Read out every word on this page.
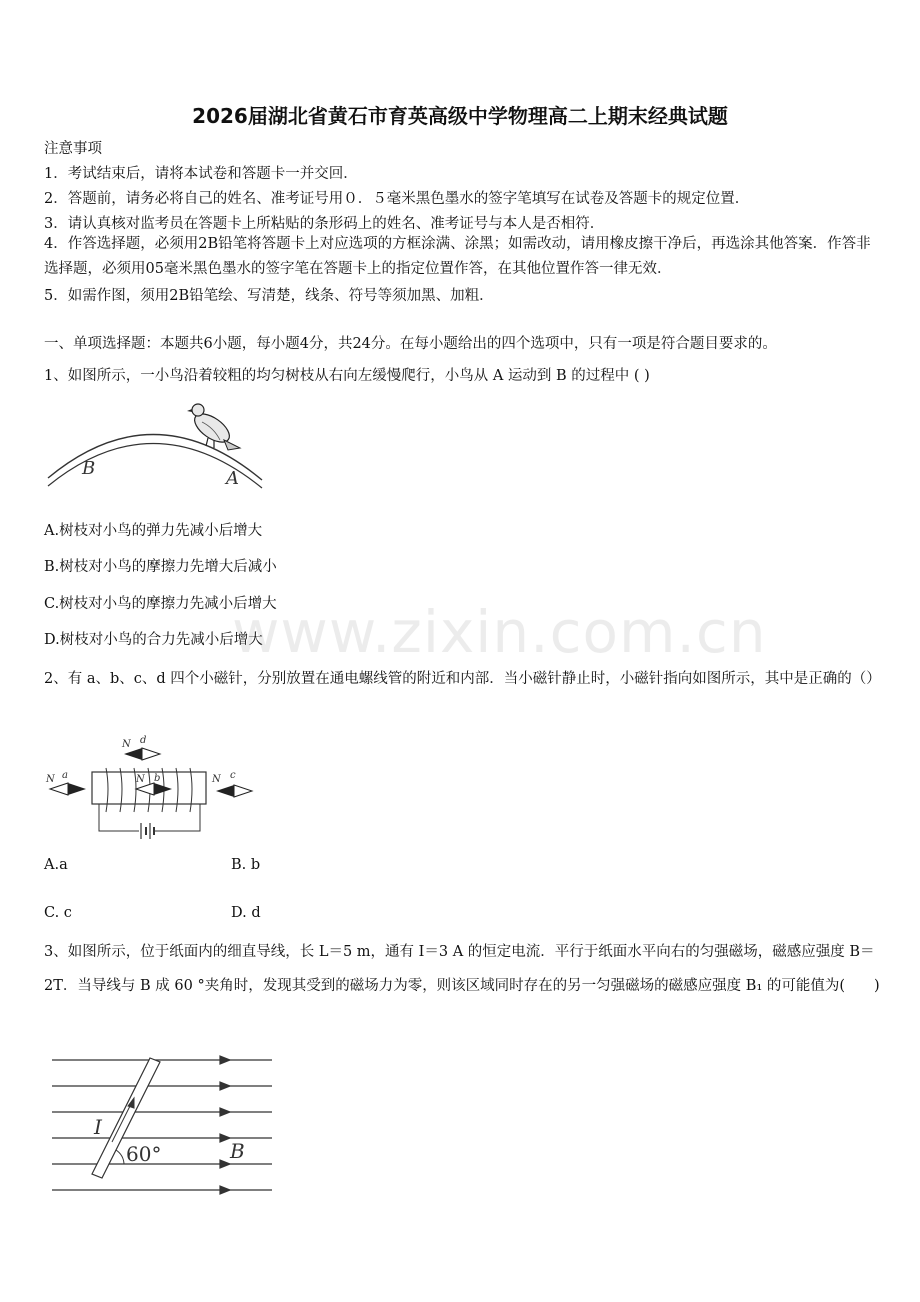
2026届湖北省黄石市育英高级中学物理高二上期末经典试题
注意事项
1．考试结束后，请将本试卷和答题卡一并交回．
2．答题前，请务必将自己的姓名、准考证号用０．５毫米黑色墨水的签字笔填写在试卷及答题卡的规定位置．
3．请认真核对监考员在答题卡上所粘贴的条形码上的姓名、准考证号与本人是否相符．
4．作答选择题，必须用2B铅笔将答题卡上对应选项的方框涂满、涂黑；如需改动，请用橡皮擦干净后，再选涂其他答案．作答非选择题，必须用05毫米黑色墨水的签字笔在答题卡上的指定位置作答，在其他位置作答一律无效．
5．如需作图，须用2B铅笔绘、写清楚，线条、符号等须加黑、加粗．
一、单项选择题：本题共6小题，每小题4分，共24分。在每小题给出的四个选项中，只有一项是符合题目要求的。
1、如图所示，一小鸟沿着较粗的均匀树枝从右向左缓慢爬行，小鸟从 A 运动到 B 的过程中 ( )
B	A
A.树枝对小鸟的弹力先减小后增大
B.树枝对小鸟的摩擦力先增大后减小
C.树枝对小鸟的摩擦力先减小后增大
D.树枝对小鸟的合力先减小后增大
www.zixin.com.cn
2、有 a、b、c、d 四个小磁针，分别放置在通电螺线管的附近和内部．当小磁针静止时，小磁针指向如图所示，其中是正确的（）
N a	N b	N c
N d
A.a	B. b
C. c	D. d
3、如图所示，位于纸面内的细直导线，长 L＝5 m，通有 I＝3 A 的恒定电流．平行于纸面水平向右的匀强磁场，磁感应强度 B＝2T．当导线与 B 成 60 °夹角时，发现其受到的磁场力为零，则该区域同时存在的另一匀强磁场的磁感应强度 B₁ 的可能值为(　　)
I
60°	B
